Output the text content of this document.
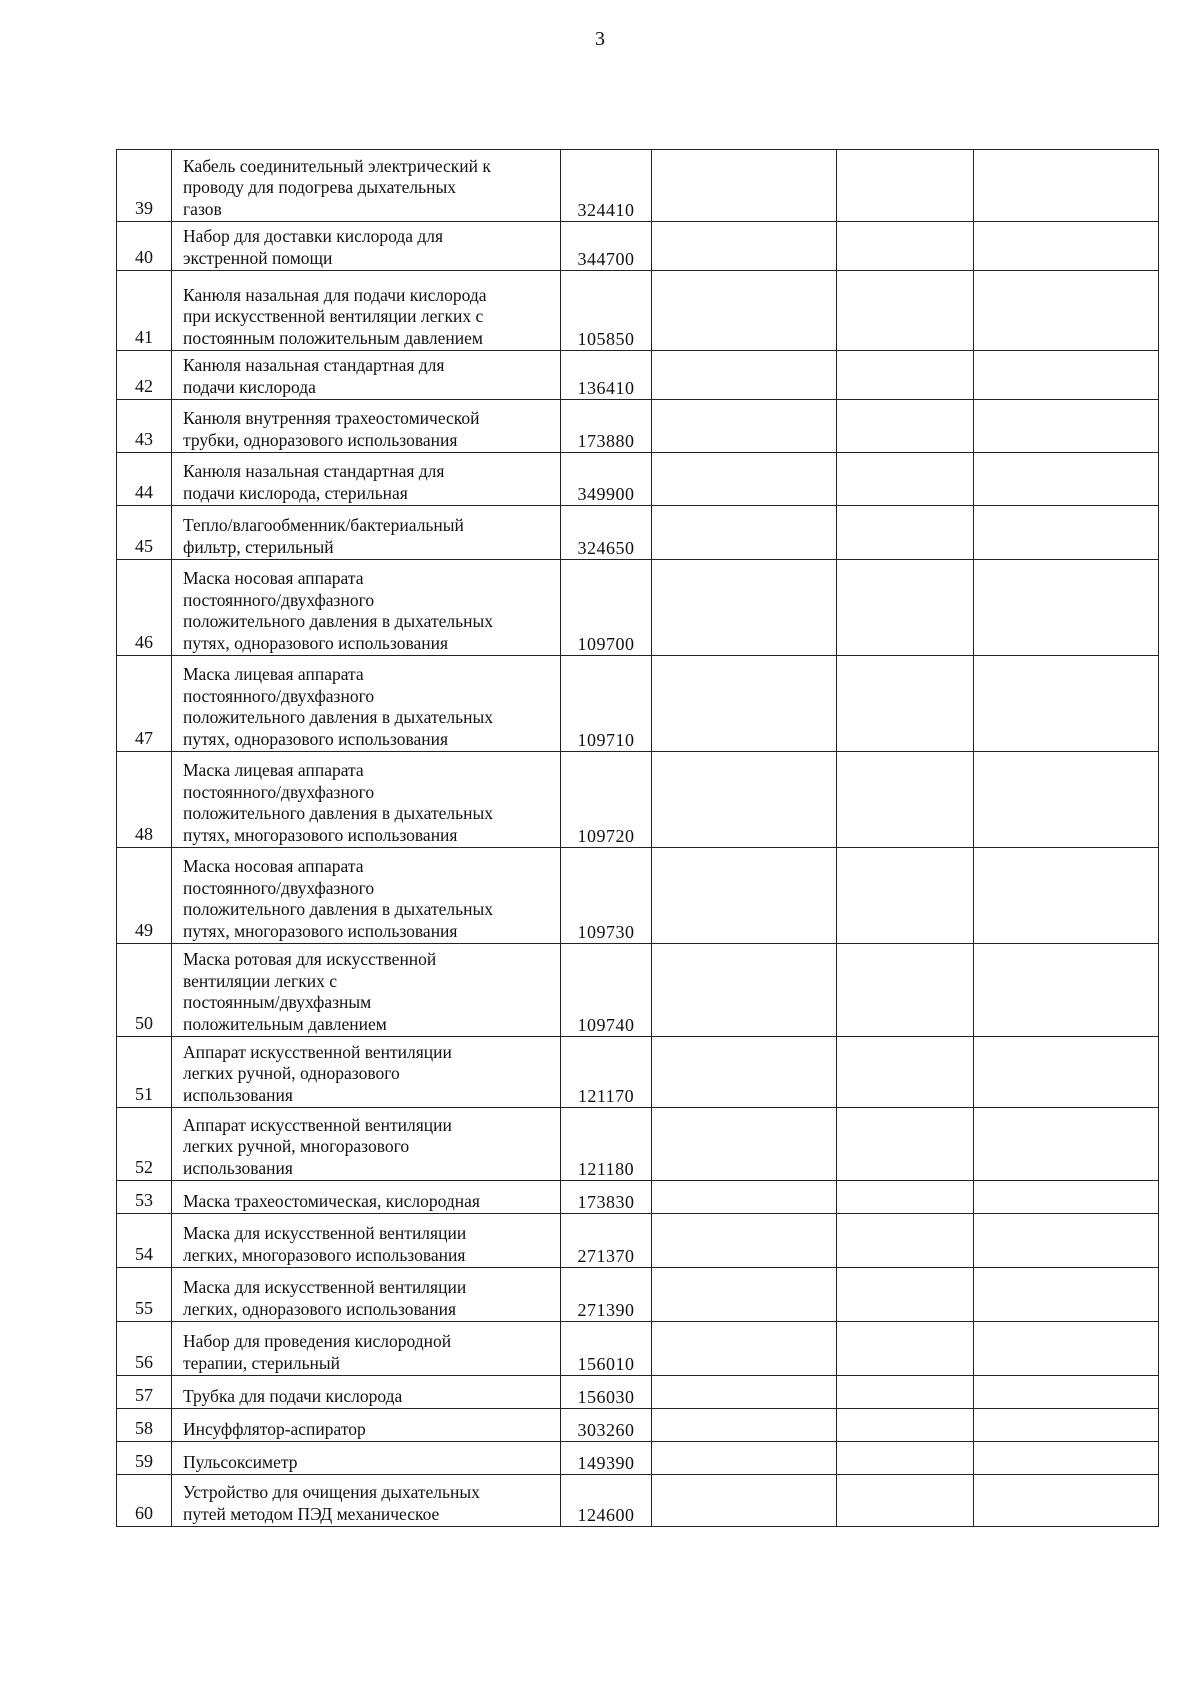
3
39	Кабель соединительный электрический к
проводу для подогрева дыхательных
газов	324410			
40	Набор для доставки кислорода для
экстренной помощи	344700			
41	Канюля назальная для подачи кислорода
при искусственной вентиляции легких с
постоянным положительным давлением	105850			
42	Канюля назальная стандартная для
подачи кислорода	136410			
43	Канюля внутренняя трахеостомической
трубки, одноразового использования	173880			
44	Канюля назальная стандартная для
подачи кислорода, стерильная	349900			
45	Тепло/влагообменник/бактериальный
фильтр, стерильный	324650			
46	Маска носовая аппарата
постоянного/двухфазного
положительного давления в дыхательных
путях, одноразового использования	109700			
47	Маска лицевая аппарата
постоянного/двухфазного
положительного давления в дыхательных
путях, одноразового использования	109710			
48	Маска лицевая аппарата
постоянного/двухфазного
положительного давления в дыхательных
путях, многоразового использования	109720			
49	Маска носовая аппарата
постоянного/двухфазного
положительного давления в дыхательных
путях, многоразового использования	109730			
50	Маска ротовая для искусственной
вентиляции легких с
постоянным/двухфазным
положительным давлением	109740			
51	Аппарат искусственной вентиляции
легких ручной, одноразового
использования	121170			
52	Аппарат искусственной вентиляции
легких ручной, многоразового
использования	121180			
53	Маска трахеостомическая, кислородная	173830			
54	Маска для искусственной вентиляции
легких, многоразового использования	271370			
55	Маска для искусственной вентиляции
легких, одноразового использования	271390			
56	Набор для проведения кислородной
терапии, стерильный	156010			
57	Трубка для подачи кислорода	156030			
58	Инсуффлятор-аспиратор	303260			
59	Пульсоксиметр	149390			
60	Устройство для очищения дыхательных
путей методом ПЭД механическое	124600			
